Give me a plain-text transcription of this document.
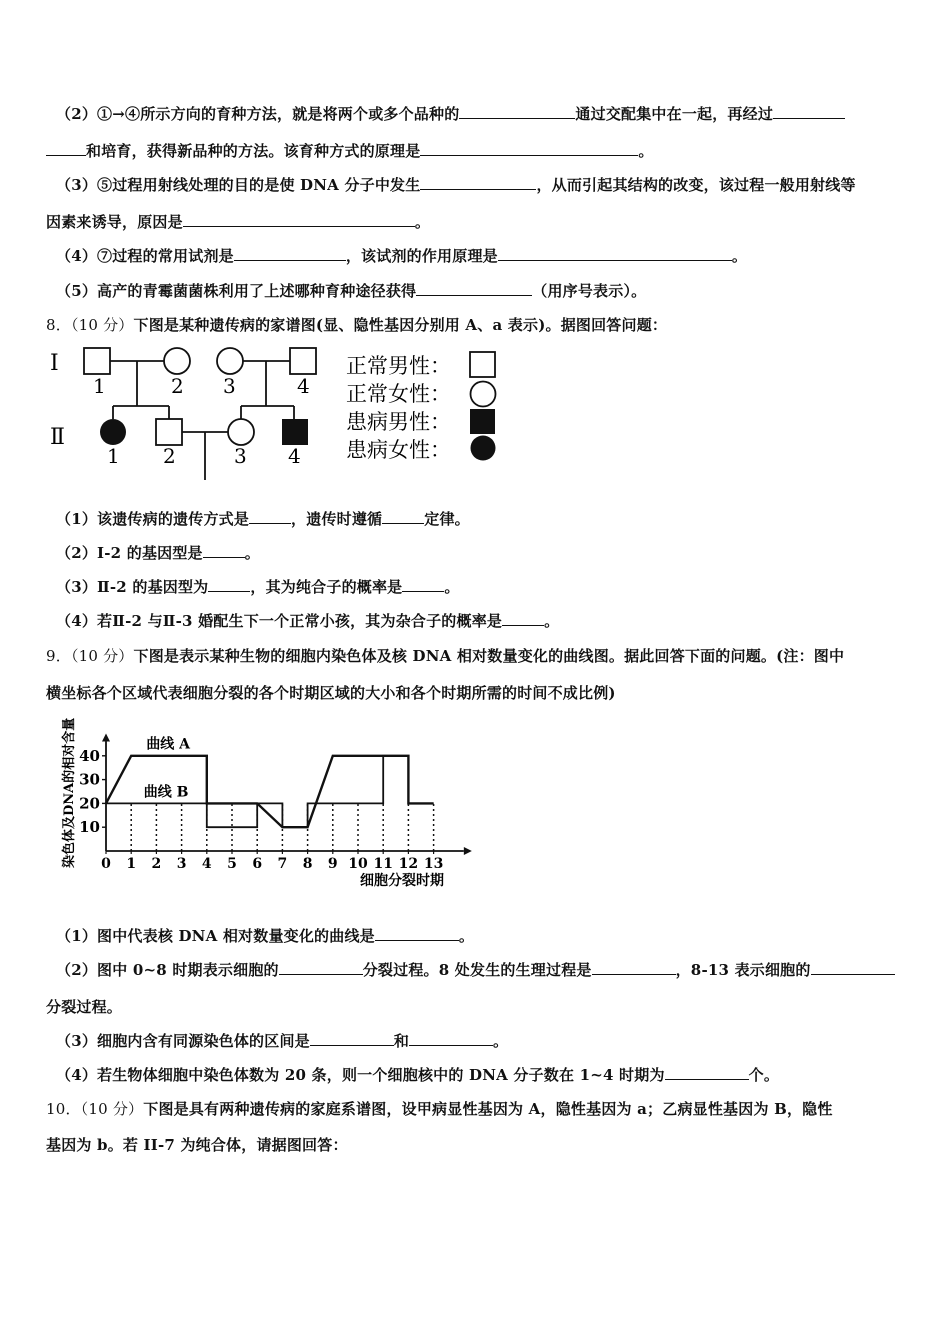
（2）①→④所示方向的育种方法，就是将两个或多个品种的	通过交配集中在一起，再经过
和培育，获得新品种的方法。该育种方式的原理是	。
（3）⑤过程用射线处理的目的是使 DNA 分子中发生	，从而引起其结构的改变，该过程一般用射线等
因素来诱导，原因是	。
（4）⑦过程的常用试剂是	，该试剂的作用原理是	。
（5）高产的青霉菌菌株利用了上述哪种育种途径获得	（用序号表示）。
8．（10 分）下图是某种遗传病的家谱图(显、隐性基因分别用 A、a 表示)。据图回答问题：
Ⅰ
Ⅱ
1	2 3	4
1 2	3 4
正常男性：
正常女性：
患病男性：
患病女性：
（1）该遗传病的遗传方式是	，遗传时遵循	定律。
（2）Ⅰ-2 的基因型是	。
（3）Ⅱ-2 的基因型为	，其为纯合子的概率是	。
（4）若Ⅱ-2 与Ⅱ-3 婚配生下一个正常小孩，其为杂合子的概率是	。
9．（10 分）下图是表示某种生物的细胞内染色体及核 DNA 相对数量变化的曲线图。据此回答下面的问题。(注：图中
横坐标各个区域代表细胞分裂的各个时期区域的大小和各个时期所需的时间不成比例)
染色体及DNA的相对含量
细胞分裂时期
10
20
30
40
0 1 2 3 4 5 6 7 8 9 10 11 12 13
曲线 A
曲线 B
（1）图中代表核 DNA 相对数量变化的曲线是	。
（2）图中 0~8 时期表示细胞的	分裂过程。8 处发生的生理过程是	，8-13 表示细胞的
分裂过程。
（3）细胞内含有同源染色体的区间是	和	。
（4）若生物体细胞中染色体数为 20 条，则一个细胞核中的 DNA 分子数在 1~4 时期为	个。
10．（10 分）下图是具有两种遗传病的家庭系谱图，设甲病显性基因为 A，隐性基因为 a；乙病显性基因为 B，隐性
基因为 b。若 II-7 为纯合体，请据图回答：
